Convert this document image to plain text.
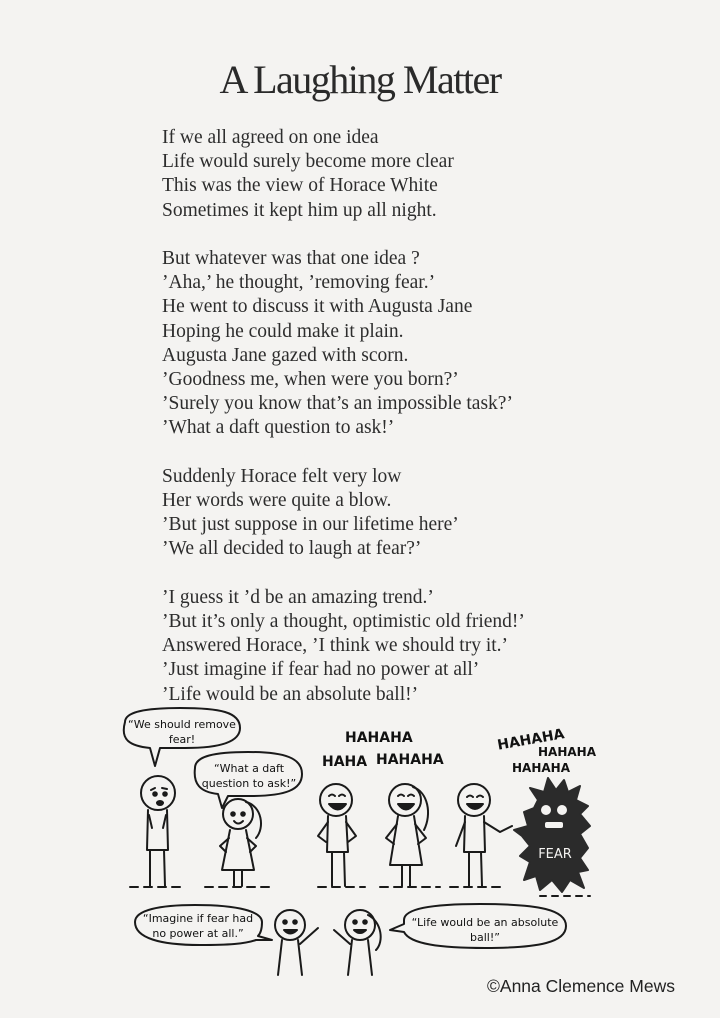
A Laughing Matter
If we all agreed on one idea
Life would surely become more clear
This was the view of Horace White
Sometimes it kept him up all night.
But whatever was that one idea ?
’Aha,’ he thought, ’removing fear.’
He went to discuss it with Augusta Jane
Hoping he could make it plain.
Augusta Jane gazed with scorn.
’Goodness me, when were you born?’
’Surely you know that’s an impossible task?’
’What a daft question to ask!’
Suddenly Horace felt very low
Her words were quite a blow.
’But just suppose in our lifetime here’
’We all decided to laugh at fear?’
’I guess it ’d be an amazing trend.’
’But it’s only a thought, optimistic old friend!’
Answered Horace, ’I think we should try it.’
’Just imagine if fear had no power at all’
’Life would be an absolute ball!’
“We should remove
fear!
“What a daft
question to ask!”
HAHAHA
HAHA HAHAHA
HAHAHA
HAHAHA
HAHAHA
FEAR
“Imagine if fear had
no power at all.”
“Life would be an absolute
ball!”
©Anna Clemence Mews
